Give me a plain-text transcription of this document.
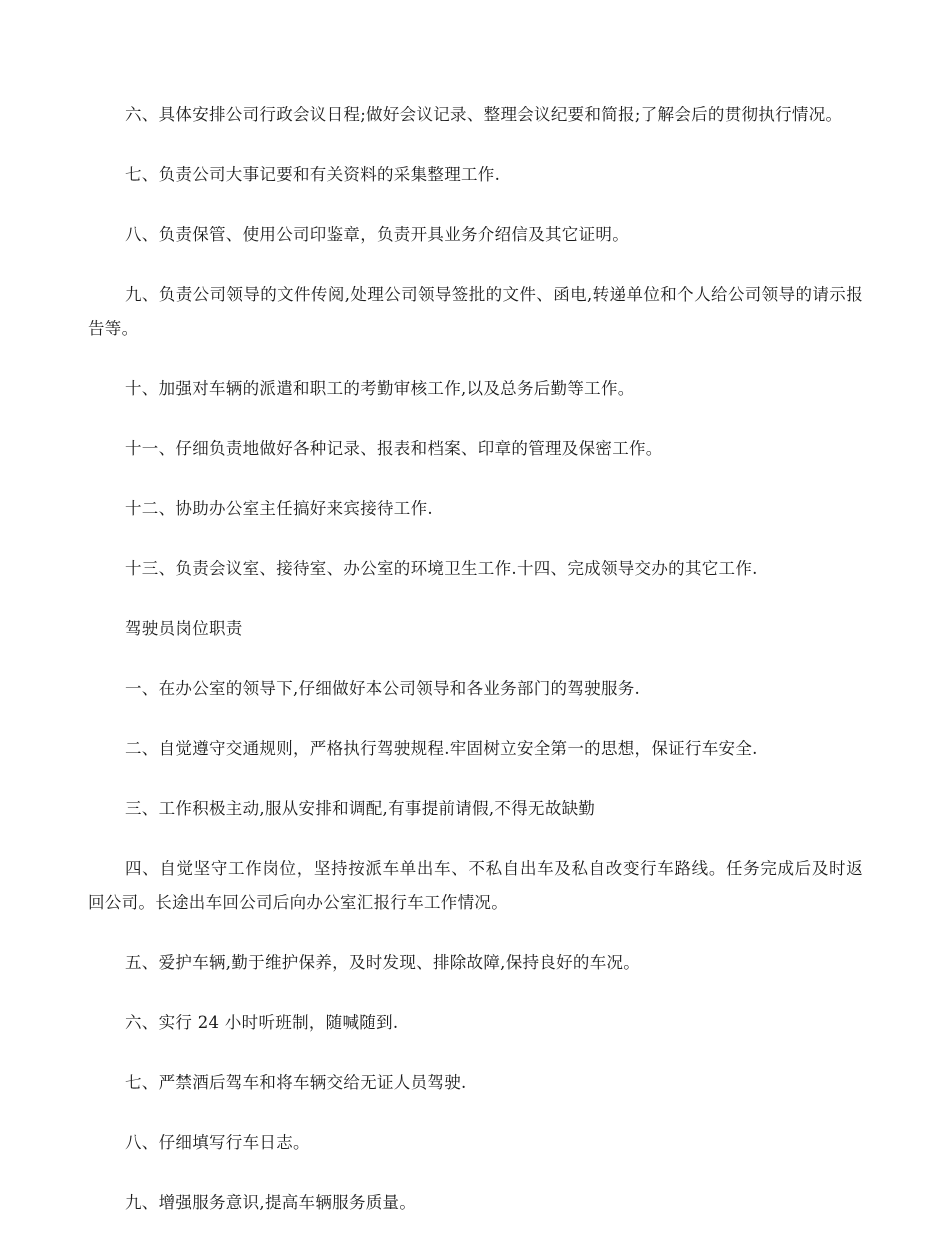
六、具体安排公司行政会议日程;做好会议记录、整理会议纪要和简报;了解会后的贯彻执行情况。

七、负责公司大事记要和有关资料的采集整理工作.

八、负责保管、使用公司印鉴章，负责开具业务介绍信及其它证明。

九、负责公司领导的文件传阅,处理公司领导签批的文件、函电,转递单位和个人给公司领导的请示报告等。

十、加强对车辆的派遣和职工的考勤审核工作,以及总务后勤等工作。

十一、仔细负责地做好各种记录、报表和档案、印章的管理及保密工作。

十二、协助办公室主任搞好来宾接待工作.

十三、负责会议室、接待室、办公室的环境卫生工作.十四、完成领导交办的其它工作.

驾驶员岗位职责

一、在办公室的领导下,仔细做好本公司领导和各业务部门的驾驶服务.

二、自觉遵守交通规则，严格执行驾驶规程.牢固树立安全第一的思想，保证行车安全.

三、工作积极主动,服从安排和调配,有事提前请假,不得无故缺勤

四、自觉坚守工作岗位，坚持按派车单出车、不私自出车及私自改变行车路线。任务完成后及时返回公司。长途出车回公司后向办公室汇报行车工作情况。

五、爱护车辆,勤于维护保养，及时发现、排除故障,保持良好的车况。

六、实行 24 小时听班制，随喊随到.

七、严禁酒后驾车和将车辆交给无证人员驾驶.

八、仔细填写行车日志。

九、增强服务意识,提高车辆服务质量。
